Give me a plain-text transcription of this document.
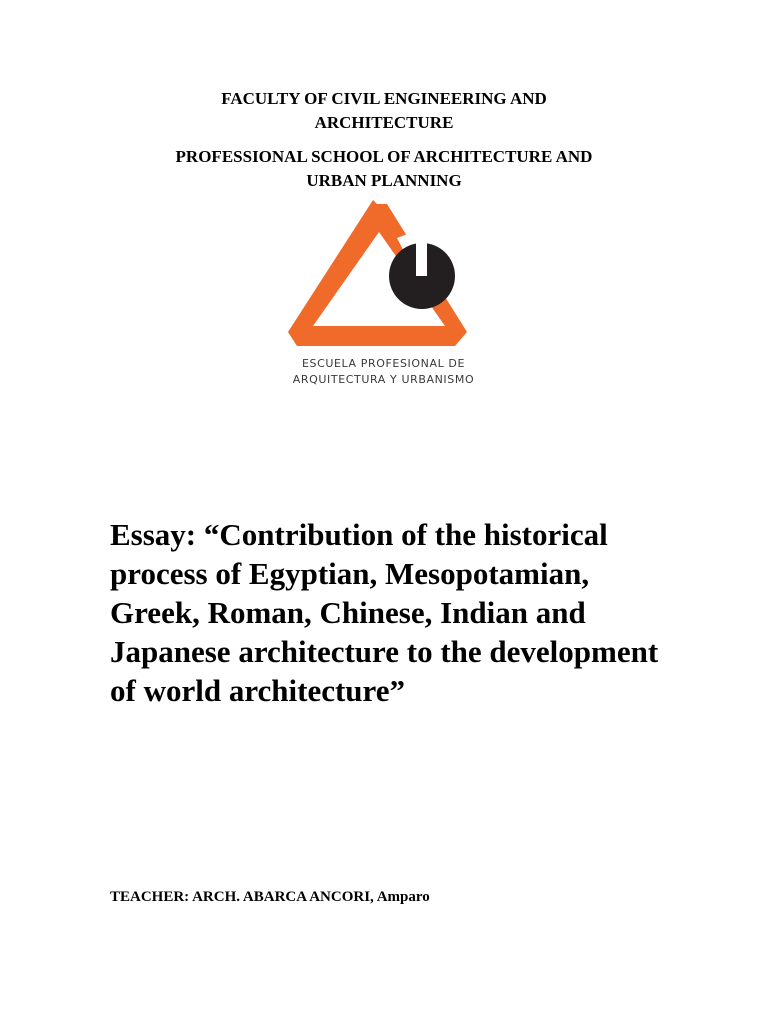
FACULTY OF CIVIL ENGINEERING AND
ARCHITECTURE
PROFESSIONAL SCHOOL OF ARCHITECTURE AND
URBAN PLANNING
ESCUELA PROFESIONAL DE
ARQUITECTURA Y URBANISMO
Essay: “Contribution of the historical process of Egyptian, Mesopotamian, Greek, Roman, Chinese, Indian and Japanese architecture to the development of world architecture”
TEACHER: ARCH. ABARCA ANCORI, Amparo
